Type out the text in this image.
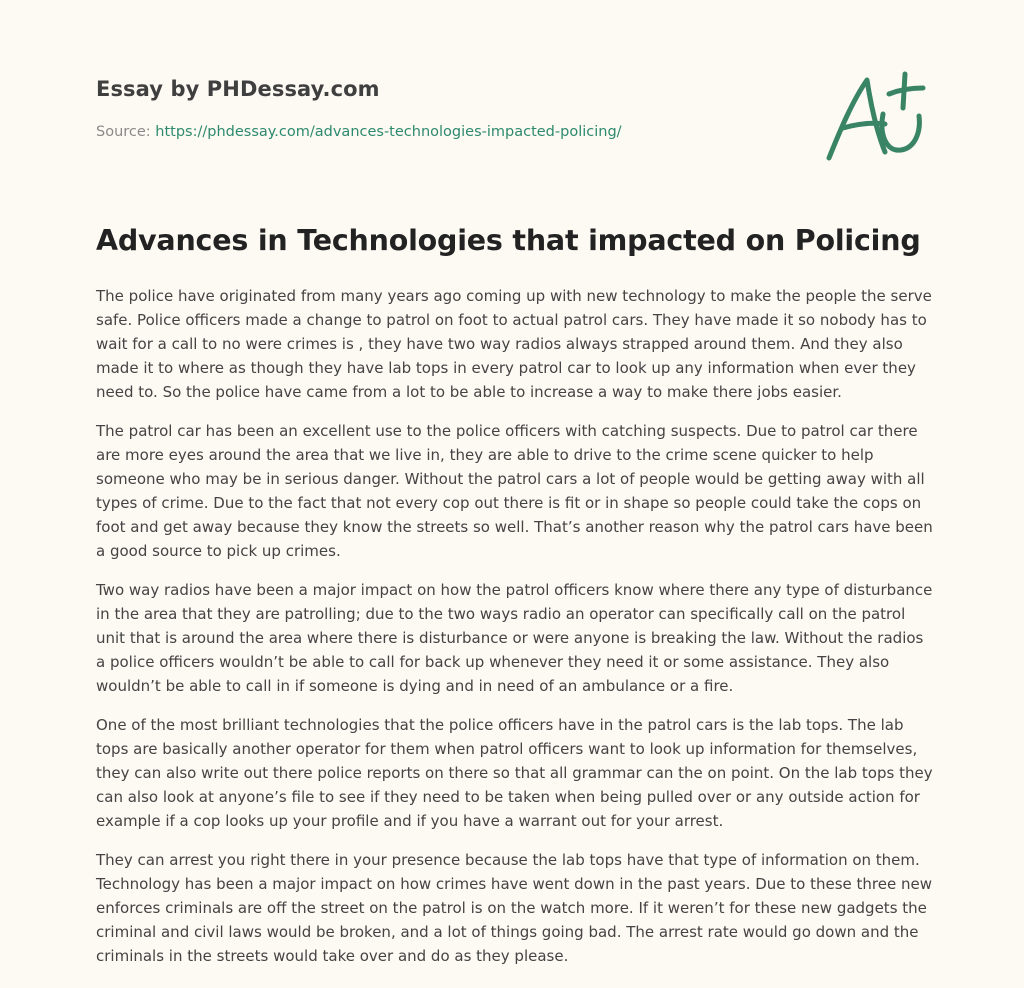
Essay by PHDessay.com
Source: https://phdessay.com/advances-technologies-impacted-policing/
Advances in Technologies that impacted on Policing

The police have originated from many years ago coming up with new technology to make the people the serve safe. Police officers made a change to patrol on foot to actual patrol cars. They have made it so nobody has to wait for a call to no were crimes is , they have two way radios always strapped around them. And they also made it to where as though they have lab tops in every patrol car to look up any information when ever they need to. So the police have came from a lot to be able to increase a way to make there jobs easier.

The patrol car has been an excellent use to the police officers with catching suspects. Due to patrol car there are more eyes around the area that we live in, they are able to drive to the crime scene quicker to help someone who may be in serious danger. Without the patrol cars a lot of people would be getting away with all types of crime. Due to the fact that not every cop out there is fit or in shape so people could take the cops on foot and get away because they know the streets so well. That’s another reason why the patrol cars have been a good source to pick up crimes.

Two way radios have been a major impact on how the patrol officers know where there any type of disturbance in the area that they are patrolling; due to the two ways radio an operator can specifically call on the patrol unit that is around the area where there is disturbance or were anyone is breaking the law. Without the radios a police officers wouldn’t be able to call for back up whenever they need it or some assistance. They also wouldn’t be able to call in if someone is dying and in need of an ambulance or a fire.

One of the most brilliant technologies that the police officers have in the patrol cars is the lab tops. The lab tops are basically another operator for them when patrol officers want to look up information for themselves, they can also write out there police reports on there so that all grammar can the on point. On the lab tops they can also look at anyone’s file to see if they need to be taken when being pulled over or any outside action for example if a cop looks up your profile and if you have a warrant out for your arrest.

They can arrest you right there in your presence because the lab tops have that type of information on them. Technology has been a major impact on how crimes have went down in the past years. Due to these three new enforces criminals are off the street on the patrol is on the watch more. If it weren’t for these new gadgets the criminal and civil laws would be broken, and a lot of things going bad. The arrest rate would go down and the criminals in the streets would take over and do as they please.
